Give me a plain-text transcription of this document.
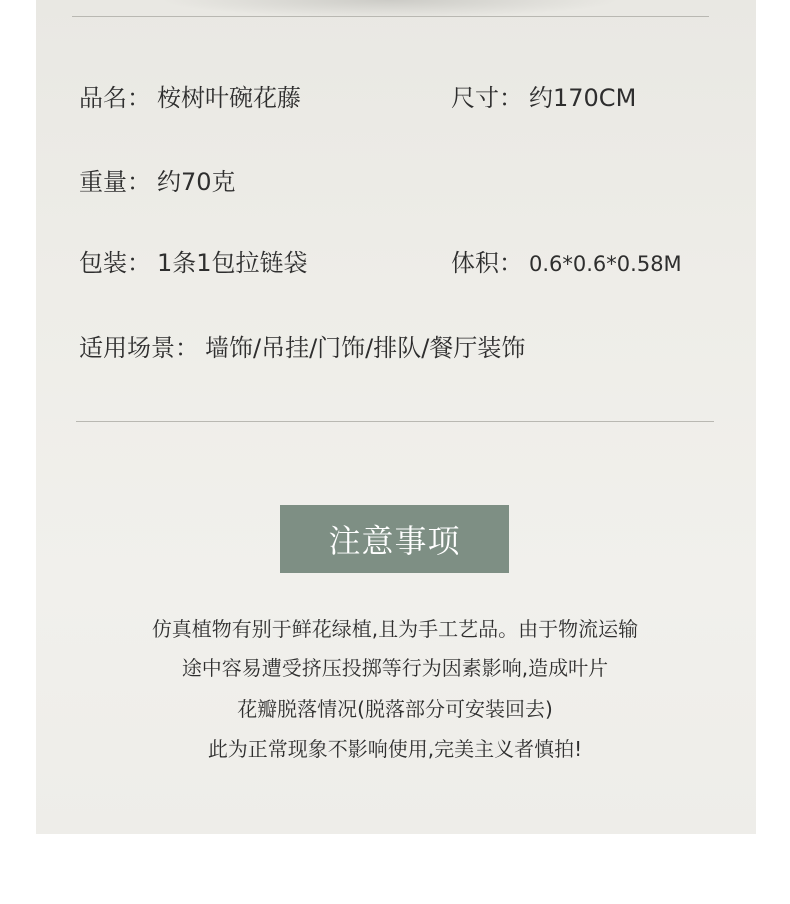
品名： 桉树叶碗花藤	尺寸： 约170CM
重量： 约70克
包装： 1条1包拉链袋	体积： 0.6*0.6*0.58M
适用场景： 墙饰/吊挂/门饰/排队/餐厅装饰
注意事项
仿真植物有别于鲜花绿植,且为手工艺品。由于物流运输
途中容易遭受挤压投掷等行为因素影响,造成叶片
花瓣脱落情况(脱落部分可安装回去)
此为正常现象不影响使用,完美主义者慎拍!
